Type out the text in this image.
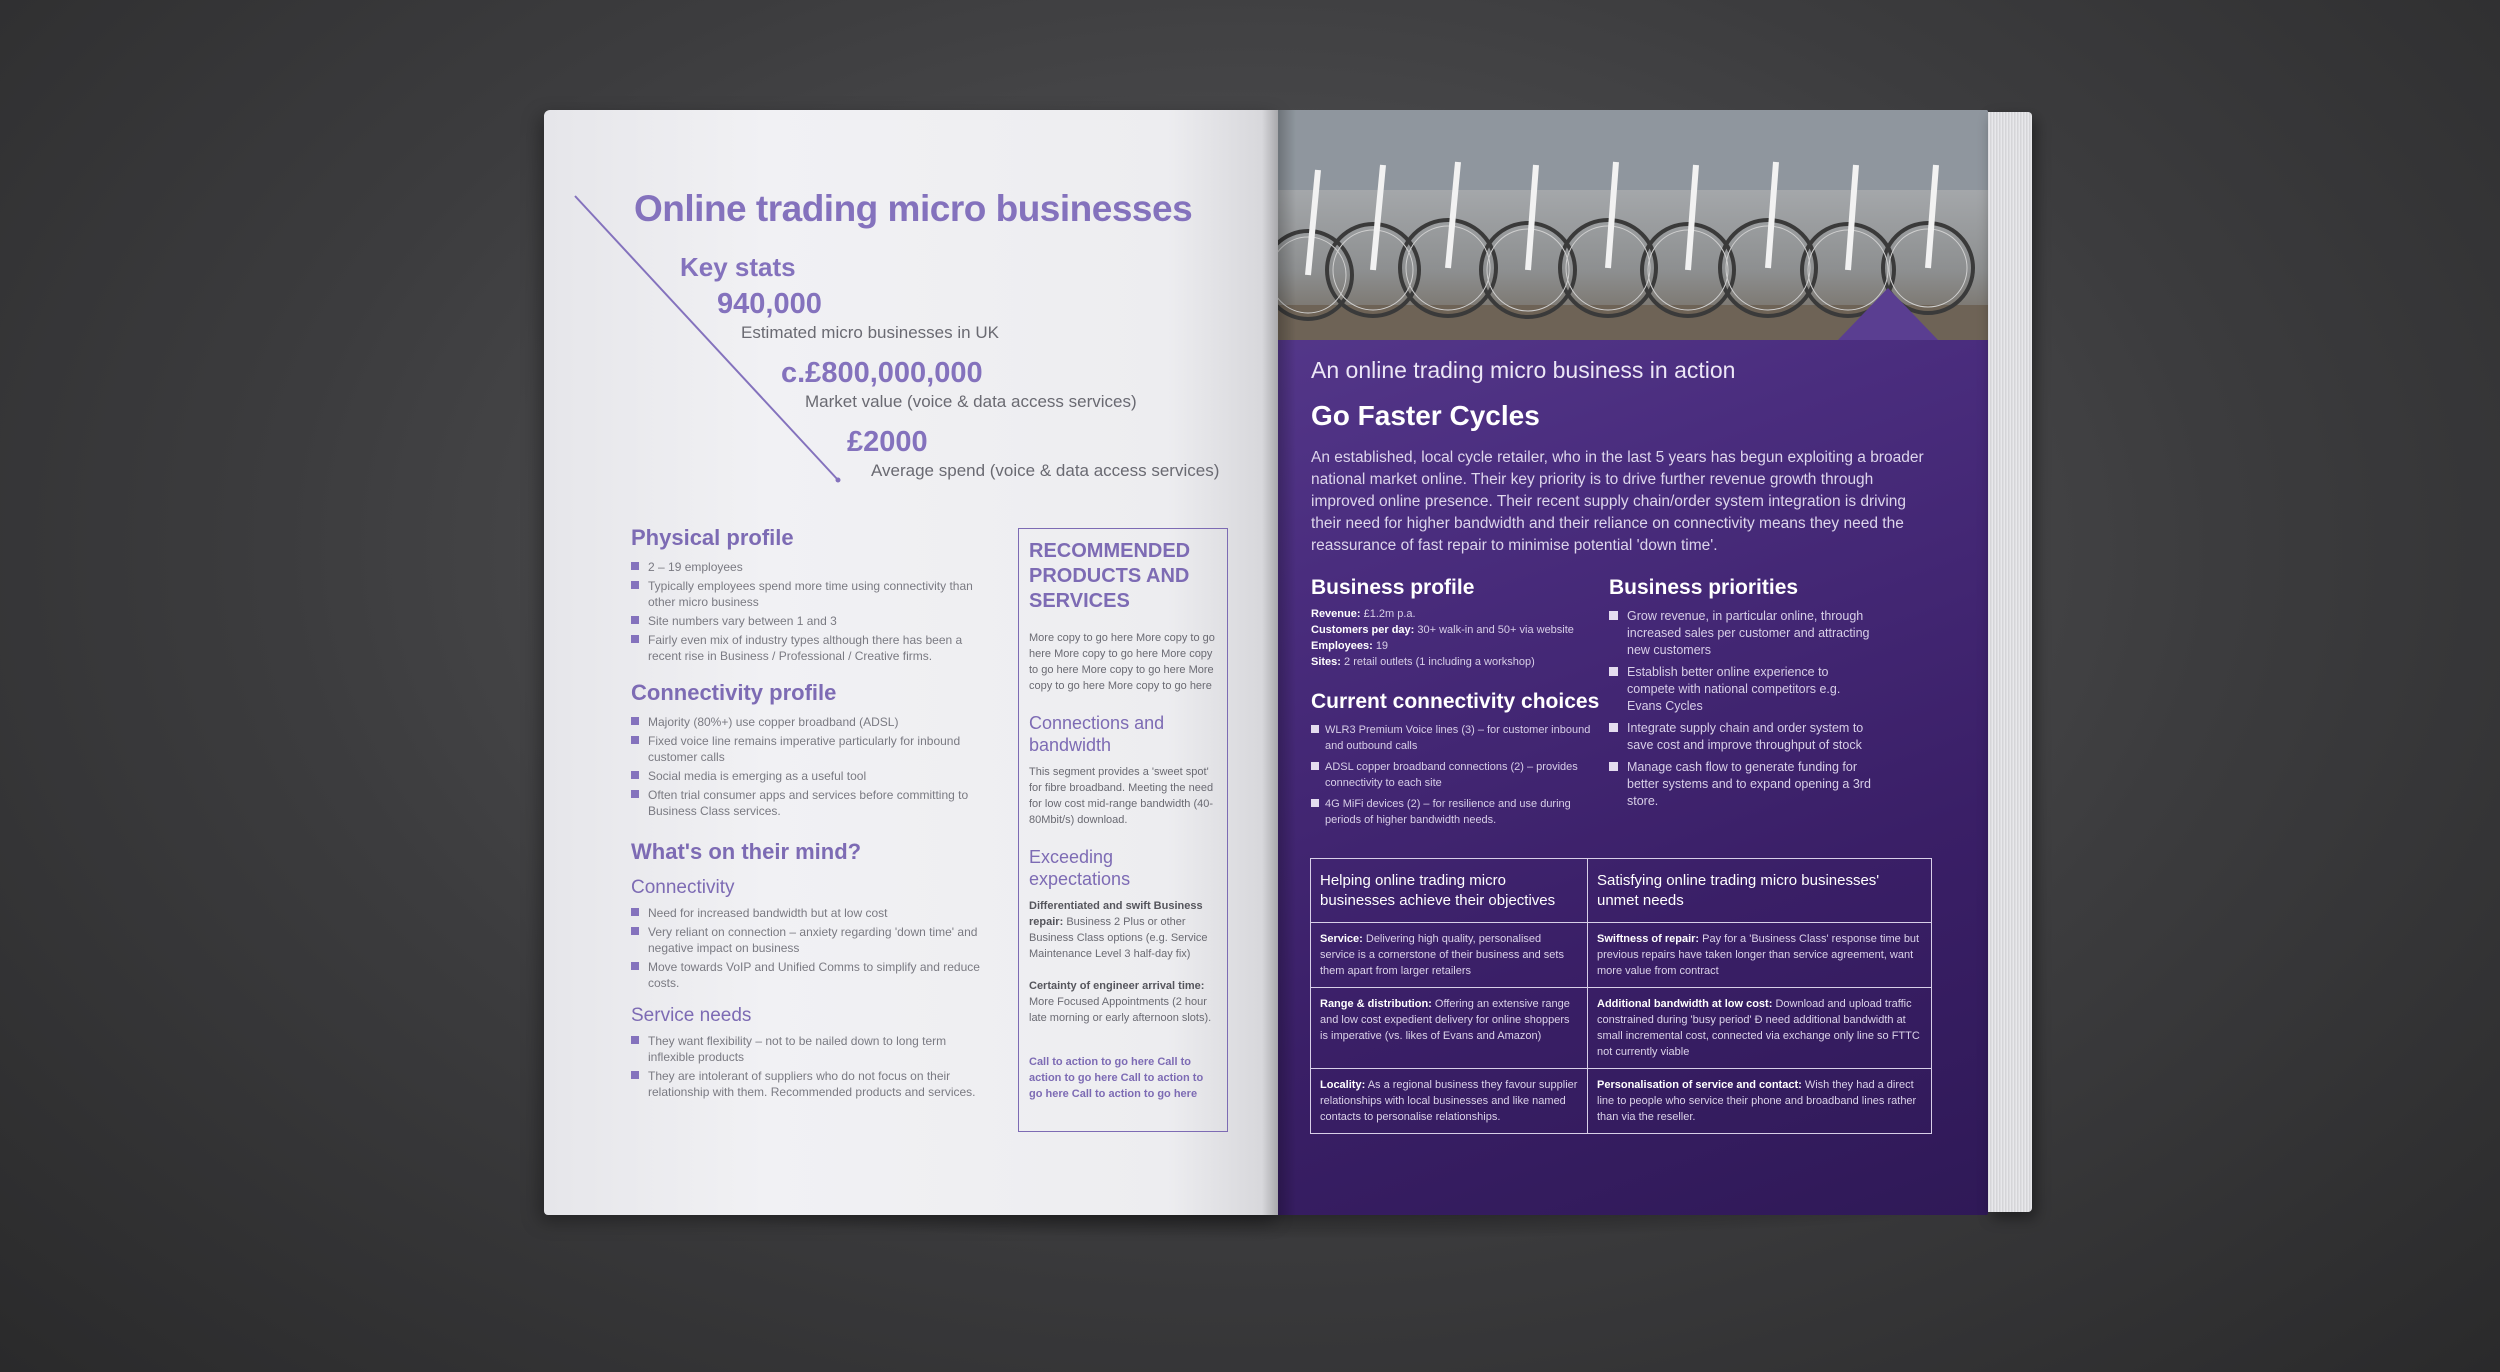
Online trading micro businesses
Key stats
940,000
Estimated micro businesses in UK
c.£800,000,000
Market value (voice & data access services)
£2000
Average spend (voice & data access services)
Physical profile
2 – 19 employees
Typically employees spend more time using connectivity than other micro business
Site numbers vary between 1 and 3
Fairly even mix of industry types although there has been a recent rise in Business / Professional / Creative firms.
Connectivity profile
Majority (80%+) use copper broadband (ADSL)
Fixed voice line remains imperative particularly for inbound customer calls
Social media is emerging as a useful tool
Often trial consumer apps and services before committing to Business Class services.
What's on their mind?
Connectivity
Need for increased bandwidth but at low cost
Very reliant on connection – anxiety regarding 'down time' and negative impact on business
Move towards VoIP and Unified Comms to simplify and reduce costs.
Service needs
They want flexibility – not to be nailed down to long term inflexible products
They are intolerant of suppliers who do not focus on their relationship with them. Recommended products and services.
RECOMMENDED PRODUCTS AND SERVICES
More copy to go here More copy to go here More copy to go here More copy to go here More copy to go here More copy to go here More copy to go here
Connections and bandwidth
This segment provides a 'sweet spot' for fibre broadband. Meeting the need for low cost mid-range bandwidth (40-80Mbit/s) download.
Exceeding expectations
Differentiated and swift Business repair: Business 2 Plus or other Business Class options (e.g. Service Maintenance Level 3 half-day fix)
Certainty of engineer arrival time: More Focused Appointments (2 hour late morning or early afternoon slots).
Call to action to go here Call to action to go here Call to action to go here Call to action to go here
An online trading micro business in action
Go Faster Cycles
An established, local cycle retailer, who in the last 5 years has begun exploiting a broader national market online. Their key priority is to drive further revenue growth through improved online presence. Their recent supply chain/order system integration is driving their need for higher bandwidth and their reliance on connectivity means they need the reassurance of fast repair to minimise potential 'down time'.
Business profile
Revenue: £1.2m p.a.
Customers per day: 30+ walk-in and 50+ via website
Employees: 19
Sites: 2 retail outlets (1 including a workshop)
Current connectivity choices
WLR3 Premium Voice lines (3) – for customer inbound and outbound calls
ADSL copper broadband connections (2) – provides connectivity to each site
4G MiFi devices (2) – for resilience and use during periods of higher bandwidth needs.
Business priorities
Grow revenue, in particular online, through increased sales per customer and attracting new customers
Establish better online experience to compete with national competitors e.g. Evans Cycles
Integrate supply chain and order system to save cost and improve throughput of stock
Manage cash flow to generate funding for better systems and to expand opening a 3rd store.
Helping online trading micro businesses achieve their objectives	Satisfying online trading micro businesses' unmet needs
Service: Delivering high quality, personalised service is a cornerstone of their business and sets them apart from larger retailers	Swiftness of repair: Pay for a 'Business Class' response time but previous repairs have taken longer than service agreement, want more value from contract
Range & distribution: Offering an extensive range and low cost expedient delivery for online shoppers is imperative (vs. likes of Evans and Amazon)	Additional bandwidth at low cost: Download and upload traffic constrained during 'busy period' Ð need additional bandwidth at small incremental cost, connected via exchange only line so FTTC not currently viable
Locality: As a regional business they favour supplier relationships with local businesses and like named contacts to personalise relationships.	Personalisation of service and contact: Wish they had a direct line to people who service their phone and broadband lines rather than via the reseller.
